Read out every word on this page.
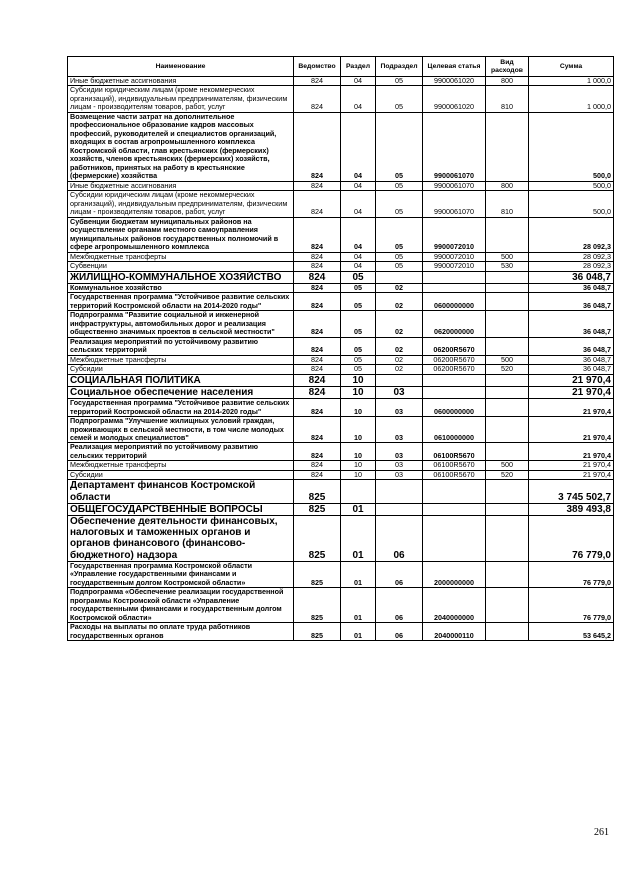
Наименование	Ведомство	Раздел	Подраздел	Целевая статья	Вид расходов	Сумма
Иные бюджетные ассигнования	824	04	05	9900061020	800	1 000,0
Субсидии юридическим лицам (кроме некоммерческих организаций), индивидуальным предпринимателям, физическим лицам - производителям товаров, работ, услуг	824	04	05	9900061020	810	1 000,0
Возмещение части затрат на дополнительное профессиональное образование кадров массовых профессий, руководителей и специалистов организаций, входящих в состав агропромышленного комплекса Костромской области, глав крестьянских (фермерских) хозяйств, членов крестьянских (фермерских) хозяйств, работников, принятых на работу в крестьянские (фермерские) хозяйства	824	04	05	9900061070		500,0
Иные бюджетные ассигнования	824	04	05	9900061070	800	500,0
Субсидии юридическим лицам (кроме некоммерческих организаций), индивидуальным предпринимателям, физическим лицам - производителям товаров, работ, услуг	824	04	05	9900061070	810	500,0
Субвенции бюджетам муниципальных районов на осуществление органами местного самоуправления муниципальных районов государственных полномочий в сфере агропромышленного комплекса	824	04	05	9900072010		28 092,3
Межбюджетные трансферты	824	04	05	9900072010	500	28 092,3
Субвенции	824	04	05	9900072010	530	28 092,3
ЖИЛИЩНО-КОММУНАЛЬНОЕ ХОЗЯЙСТВО	824	05				36 048,7
Коммунальное хозяйство	824	05	02			36 048,7
Государственная программа "Устойчивое развитие сельских территорий Костромской области на 2014-2020 годы"	824	05	02	0600000000		36 048,7
Подпрограмма "Развитие социальной и инженерной инфраструктуры, автомобильных дорог и реализация общественно значимых проектов в сельской местности"	824	05	02	0620000000		36 048,7
Реализация мероприятий по устойчивому развитию сельских территорий	824	05	02	06200R5670		36 048,7
Межбюджетные трансферты	824	05	02	06200R5670	500	36 048,7
Субсидии	824	05	02	06200R5670	520	36 048,7
СОЦИАЛЬНАЯ ПОЛИТИКА	824	10				21 970,4
Социальное обеспечение населения	824	10	03			21 970,4
Государственная программа "Устойчивое развитие сельских территорий Костромской области на 2014-2020 годы"	824	10	03	0600000000		21 970,4
Подпрограмма "Улучшение жилищных условий граждан, проживающих в сельской местности, в том числе молодых семей и молодых специалистов"	824	10	03	0610000000		21 970,4
Реализация мероприятий по устойчивому развитию сельских территорий	824	10	03	06100R5670		21 970,4
Межбюджетные трансферты	824	10	03	06100R5670	500	21 970,4
Субсидии	824	10	03	06100R5670	520	21 970,4
Департамент финансов Костромской области	825					3 745 502,7
ОБЩЕГОСУДАРСТВЕННЫЕ ВОПРОСЫ	825	01				389 493,8
Обеспечение деятельности финансовых, налоговых и таможенных органов и органов финансового (финансово-бюджетного) надзора	825	01	06			76 779,0
Государственная программа Костромской области «Управление государственными финансами и государственным долгом Костромской области»	825	01	06	2000000000		76 779,0
Подпрограмма «Обеспечение реализации государственной программы Костромской области «Управление государственными финансами и государственным долгом Костромской области»	825	01	06	2040000000		76 779,0
Расходы на выплаты по оплате труда работников государственных органов	825	01	06	2040000110		53 645,2
261
